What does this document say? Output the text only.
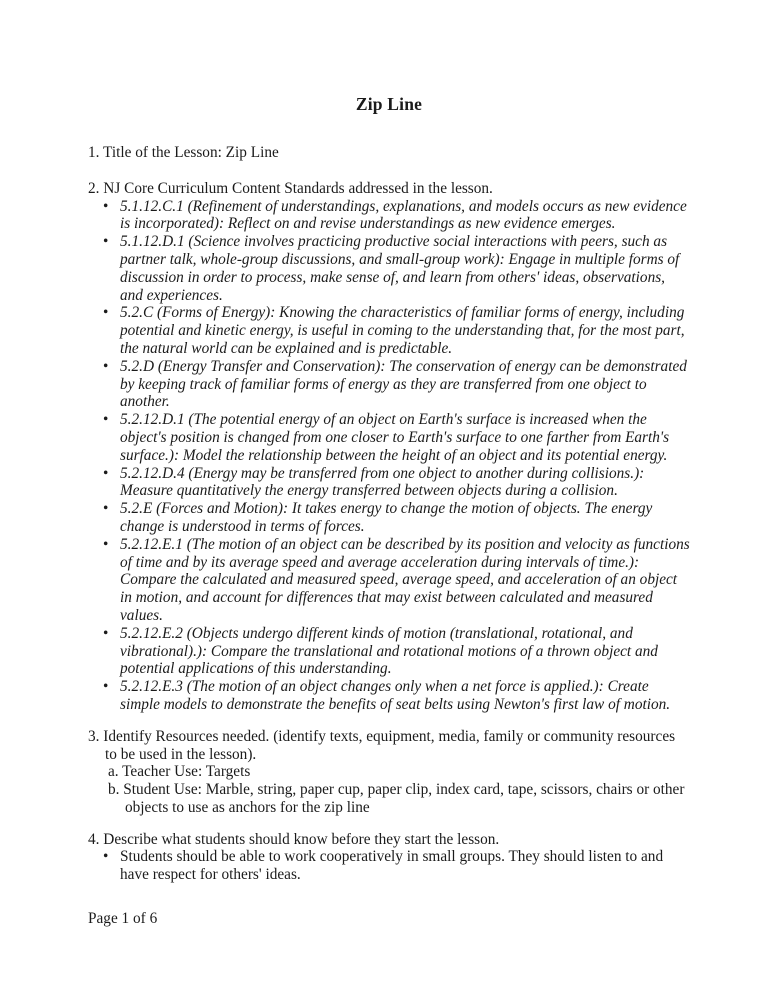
Zip Line

1. Title of the Lesson: Zip Line

2. NJ Core Curriculum Content Standards addressed in the lesson.

• 5.1.12.C.1 (Refinement of understandings, explanations, and models occurs as new evidence is incorporated): Reflect on and revise understandings as new evidence emerges.
• 5.1.12.D.1 (Science involves practicing productive social interactions with peers, such as partner talk, whole-group discussions, and small-group work): Engage in multiple forms of discussion in order to process, make sense of, and learn from others' ideas, observations, and experiences.
• 5.2.C (Forms of Energy): Knowing the characteristics of familiar forms of energy, including potential and kinetic energy, is useful in coming to the understanding that, for the most part, the natural world can be explained and is predictable.
• 5.2.D (Energy Transfer and Conservation): The conservation of energy can be demonstrated by keeping track of familiar forms of energy as they are transferred from one object to another.
• 5.2.12.D.1 (The potential energy of an object on Earth's surface is increased when the object's position is changed from one closer to Earth's surface to one farther from Earth's surface.): Model the relationship between the height of an object and its potential energy.
• 5.2.12.D.4 (Energy may be transferred from one object to another during collisions.): Measure quantitatively the energy transferred between objects during a collision.
• 5.2.E (Forces and Motion): It takes energy to change the motion of objects. The energy change is understood in terms of forces.
• 5.2.12.E.1 (The motion of an object can be described by its position and velocity as functions of time and by its average speed and average acceleration during intervals of time.): Compare the calculated and measured speed, average speed, and acceleration of an object in motion, and account for differences that may exist between calculated and measured values.
• 5.2.12.E.2 (Objects undergo different kinds of motion (translational, rotational, and vibrational).): Compare the translational and rotational motions of a thrown object and potential applications of this understanding.
• 5.2.12.E.3 (The motion of an object changes only when a net force is applied.): Create simple models to demonstrate the benefits of seat belts using Newton's first law of motion.

3. Identify Resources needed. (identify texts, equipment, media, family or community resources to be used in the lesson).

a. Teacher Use: Targets

b. Student Use: Marble, string, paper cup, paper clip, index card, tape, scissors, chairs or other objects to use as anchors for the zip line

4. Describe what students should know before they start the lesson.

• Students should be able to work cooperatively in small groups. They should listen to and have respect for others' ideas.

Page 1 of 6
